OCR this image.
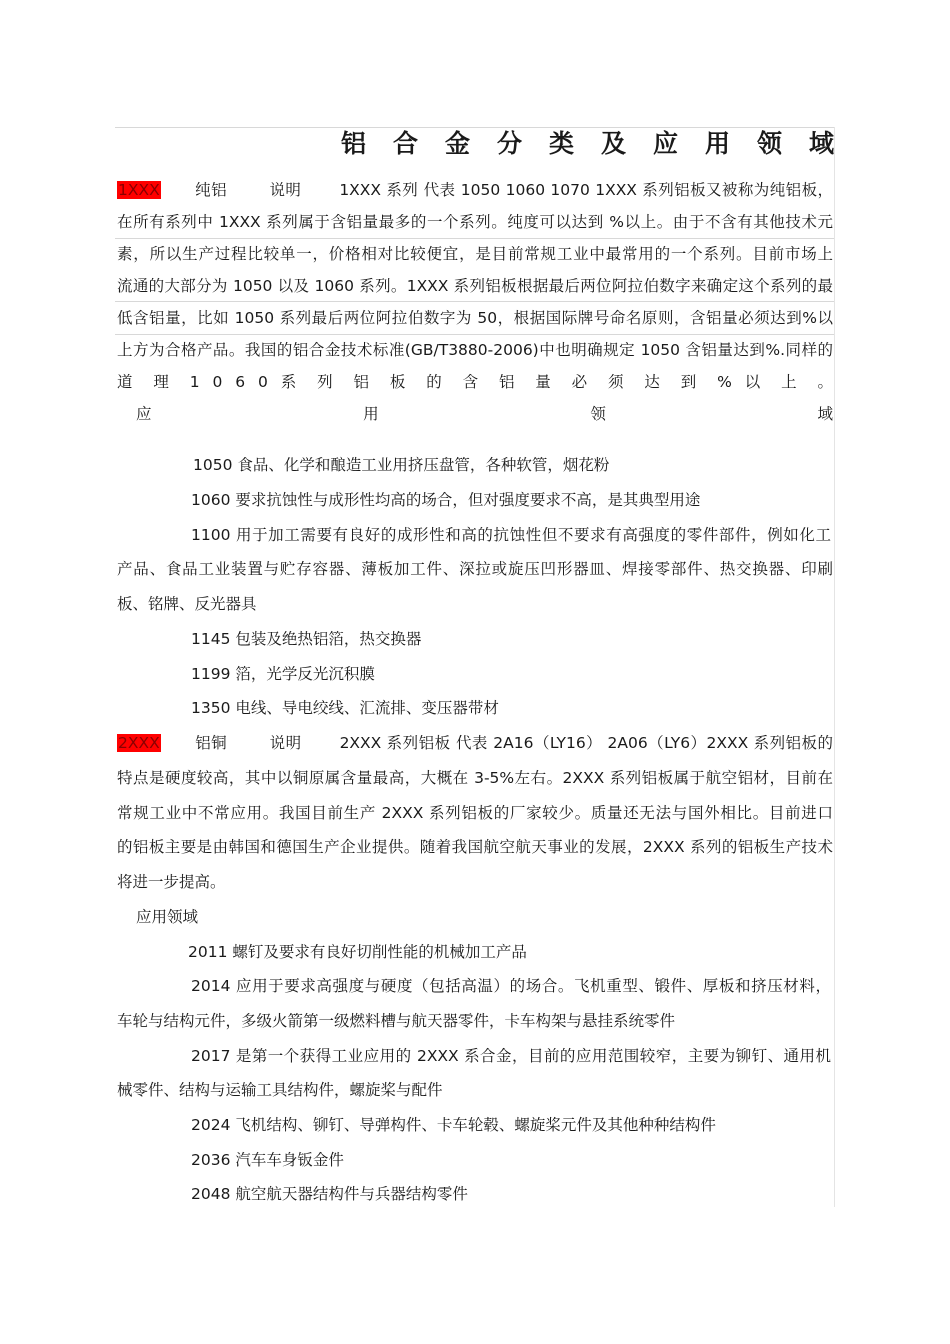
铝合金分类及应用领域
1XXX 纯铝	说明 1XXX 系列 代表 1050 1060 1070 1XXX 系列铝板又被称为纯铝板，
在所有系列中 1XXX 系列属于含铝量最多的一个系列。纯度可以达到 %以上。由于不含有其他技术元
素，所以生产过程比较单一，价格相对比较便宜，是目前常规工业中最常用的一个系列。目前市场上
流通的大部分为 1050 以及 1060 系列。1XXX 系列铝板根据最后两位阿拉伯数字来确定这个系列的最
低含铝量，比如 1050 系列最后两位阿拉伯数字为 50，根据国际牌号命名原则，含铝量必须达到%以
上方为合格产品。我国的铝合金技术标准(GB/T3880-2006)中也明确规定 1050 含铝量达到%.同样的
道 理 1 0 6 0 系 列 铝 板 的 含 铝 量 必 须 达 到 % 以 上 。
应 用 领 域
1050 食品、化学和酿造工业用挤压盘管，各种软管，烟花粉
1060 要求抗蚀性与成形性均高的场合，但对强度要求不高，是其典型用途
1100 用于加工需要有良好的成形性和高的抗蚀性但不要求有高强度的零件部件，例如化工
产品、食品工业装置与贮存容器、薄板加工件、深拉或旋压凹形器皿、焊接零部件、热交换器、印刷
板、铭牌、反光器具
1145 包装及绝热铝箔，热交换器
1199 箔，光学反光沉积膜
1350 电线、导电绞线、汇流排、变压器带材
2XXX 铝铜	说明 2XXX 系列铝板 代表 2A16（LY16） 2A06（LY6）2XXX 系列铝板的
特点是硬度较高，其中以铜原属含量最高，大概在 3-5%左右。2XXX 系列铝板属于航空铝材，目前在
常规工业中不常应用。我国目前生产 2XXX 系列铝板的厂家较少。质量还无法与国外相比。目前进口
的铝板主要是由韩国和德国生产企业提供。随着我国航空航天事业的发展，2XXX 系列的铝板生产技术
将进一步提高。
应用领域
2011 螺钉及要求有良好切削性能的机械加工产品
2014 应用于要求高强度与硬度（包括高温）的场合。飞机重型、锻件、厚板和挤压材料，
车轮与结构元件，多级火箭第一级燃料槽与航天器零件，卡车构架与悬挂系统零件
2017 是第一个获得工业应用的 2XXX 系合金，目前的应用范围较窄，主要为铆钉、通用机
械零件、结构与运输工具结构件，螺旋桨与配件
2024 飞机结构、铆钉、导弹构件、卡车轮毂、螺旋桨元件及其他种种结构件
2036 汽车车身钣金件
2048 航空航天器结构件与兵器结构零件
